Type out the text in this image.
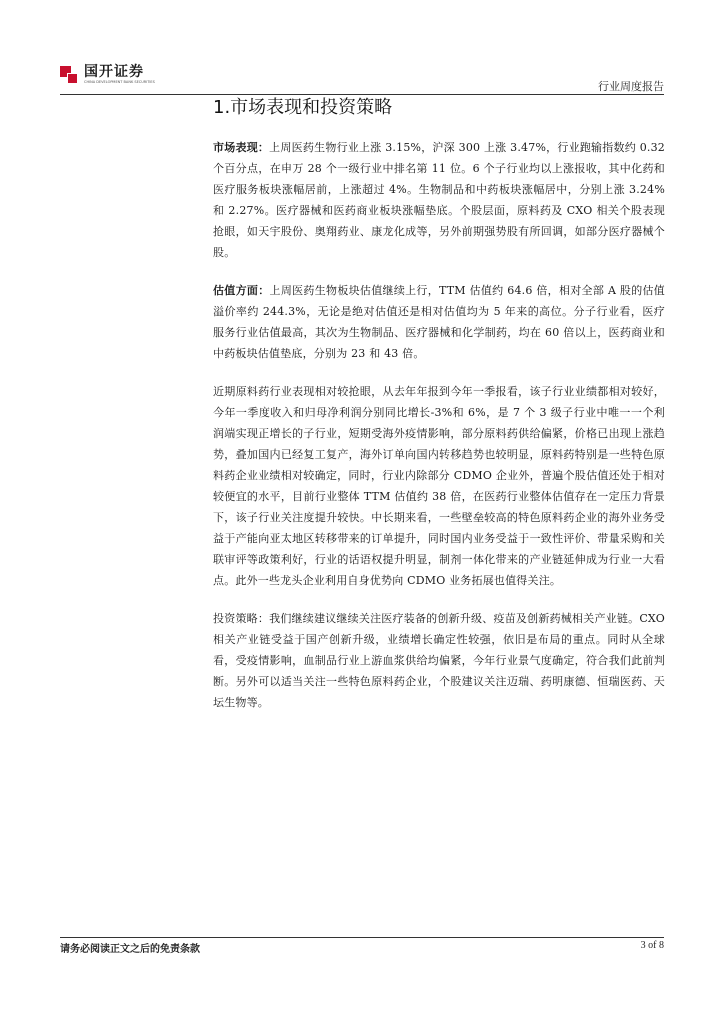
国开证券
CHINA DEVELOPMENT BANK SECURITIES	行业周度报告
1.市场表现和投资策略

市场表现：上周医药生物行业上涨 3.15%，沪深 300 上涨 3.47%，行业跑输指数约 0.32 个百分点，在申万 28 个一级行业中排名第 11 位。6 个子行业均以上涨报收，其中化药和医疗服务板块涨幅居前，上涨超过 4%。生物制品和中药板块涨幅居中，分别上涨 3.24%和 2.27%。医疗器械和医药商业板块涨幅垫底。个股层面，原料药及 CXO 相关个股表现抢眼，如天宇股份、奥翔药业、康龙化成等，另外前期强势股有所回调，如部分医疗器械个股。

估值方面：上周医药生物板块估值继续上行，TTM 估值约 64.6 倍，相对全部 A 股的估值溢价率约 244.3%，无论是绝对估值还是相对估值均为 5 年来的高位。分子行业看，医疗服务行业估值最高，其次为生物制品、医疗器械和化学制药，均在 60 倍以上，医药商业和中药板块估值垫底，分别为 23 和 43 倍。

近期原料药行业表现相对较抢眼，从去年年报到今年一季报看，该子行业业绩都相对较好，今年一季度收入和归母净利润分别同比增长-3%和 6%，是 7 个 3 级子行业中唯一一个利润端实现正增长的子行业，短期受海外疫情影响，部分原料药供给偏紧，价格已出现上涨趋势，叠加国内已经复工复产，海外订单向国内转移趋势也较明显，原料药特别是一些特色原料药企业业绩相对较确定，同时，行业内除部分 CDMO 企业外，普遍个股估值还处于相对较便宜的水平，目前行业整体 TTM 估值约 38 倍，在医药行业整体估值存在一定压力背景下，该子行业关注度提升较快。中长期来看，一些壁垒较高的特色原料药企业的海外业务受益于产能向亚太地区转移带来的订单提升，同时国内业务受益于一致性评价、带量采购和关联审评等政策利好，行业的话语权提升明显，制剂一体化带来的产业链延伸成为行业一大看点。此外一些龙头企业利用自身优势向 CDMO 业务拓展也值得关注。

投资策略：我们继续建议继续关注医疗装备的创新升级、疫苗及创新药械相关产业链。CXO 相关产业链受益于国产创新升级，业绩增长确定性较强，依旧是布局的重点。同时从全球看，受疫情影响，血制品行业上游血浆供给均偏紧，今年行业景气度确定，符合我们此前判断。另外可以适当关注一些特色原料药企业，个股建议关注迈瑞、药明康德、恒瑞医药、天坛生物等。

请务必阅读正文之后的免责条款	3 of 8
